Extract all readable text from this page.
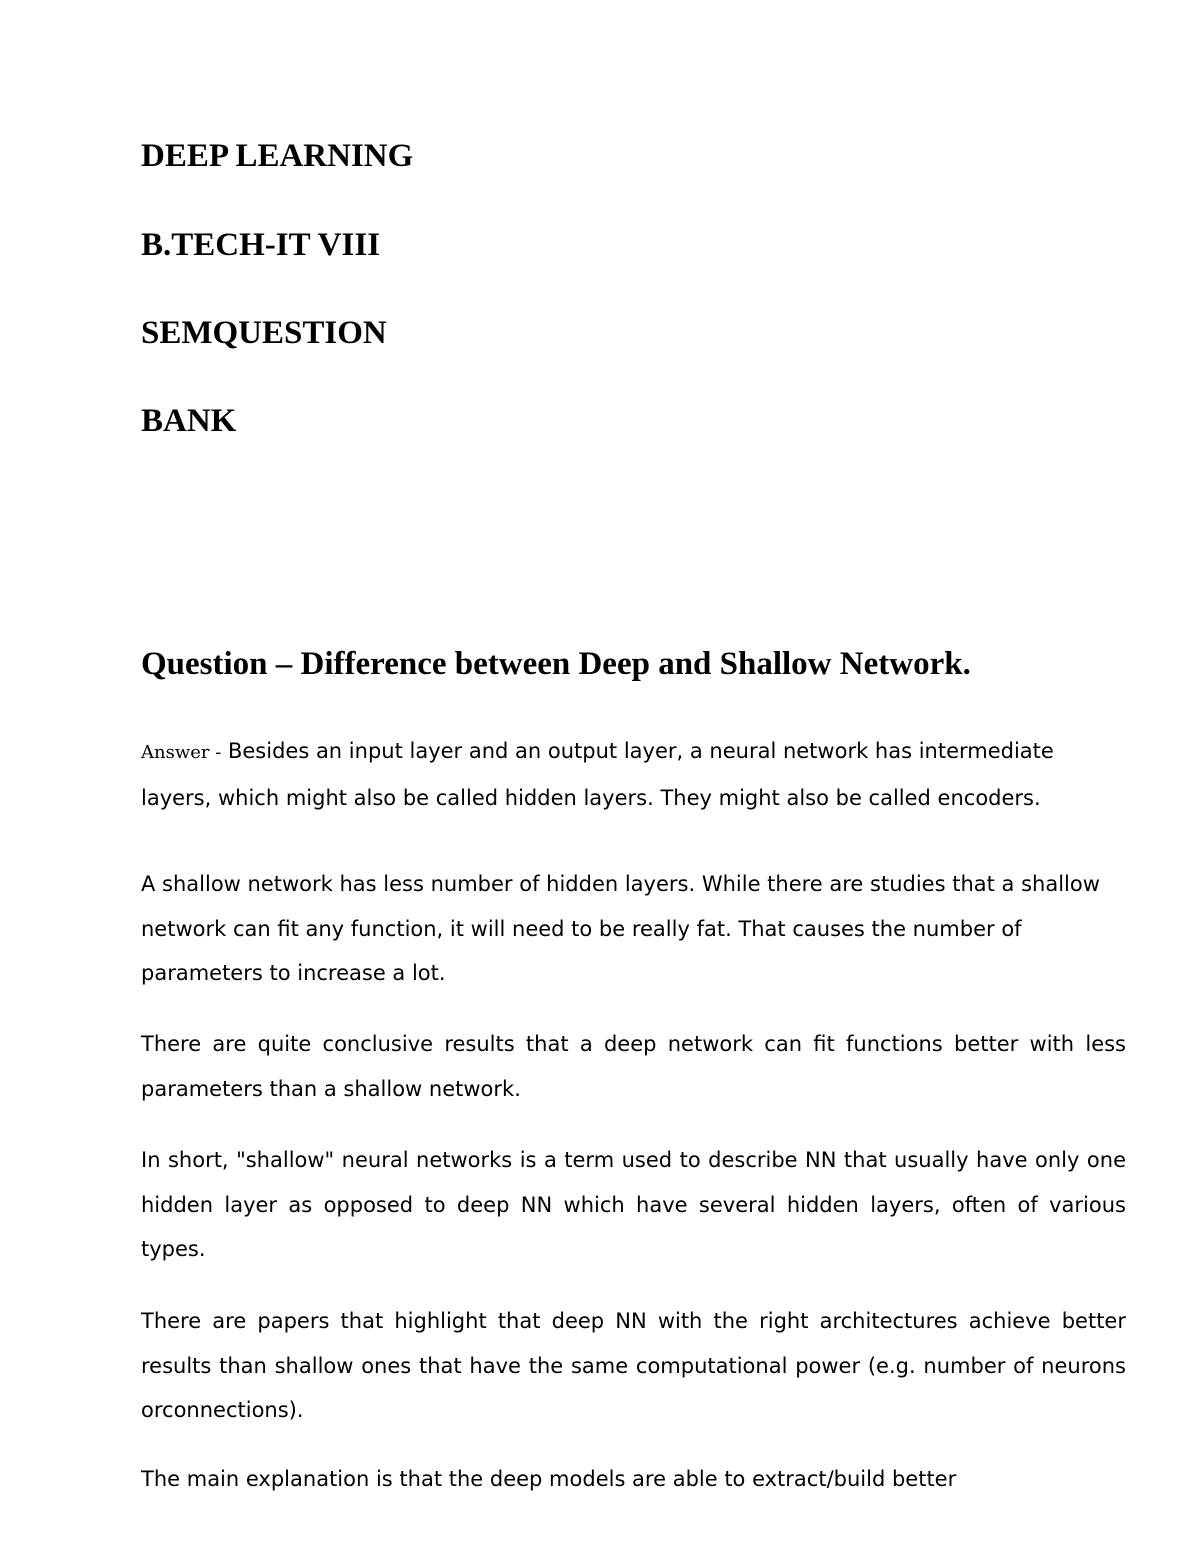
DEEP LEARNING
B.TECH-IT VIII
SEMQUESTION
BANK
Question – Difference between Deep and Shallow Network.

Answer - Besides an input layer and an output layer, a neural network has intermediate layers, which might also be called hidden layers. They might also be called encoders.

A shallow network has less number of hidden layers. While there are studies that a shallow network can fit any function, it will need to be really fat. That causes the number of parameters to increase a lot.

There are quite conclusive results that a deep network can fit functions better with less parameters than a shallow network.

In short, "shallow" neural networks is a term used to describe NN that usually have only one hidden layer as opposed to deep NN which have several hidden layers, often of various types.

There are papers that highlight that deep NN with the right architectures achieve better results than shallow ones that have the same computational power (e.g. number of neurons orconnections).

The main explanation is that the deep models are able to extract/build better
